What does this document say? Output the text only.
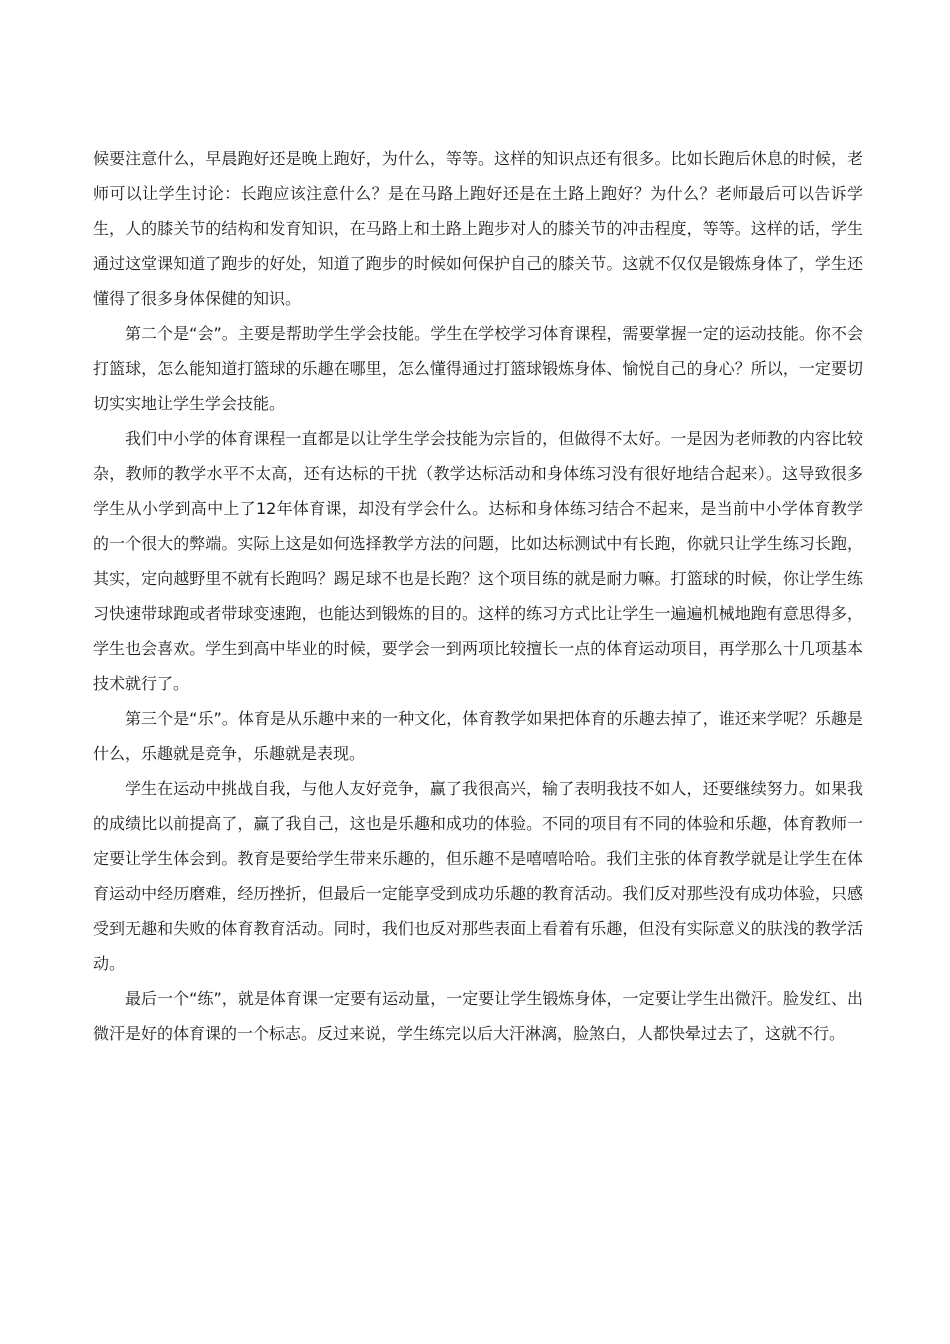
候要注意什么，早晨跑好还是晚上跑好，为什么，等等。这样的知识点还有很多。比如长跑后休息的时候，老师可以让学生讨论：长跑应该注意什么？是在马路上跑好还是在土路上跑好？为什么？老师最后可以告诉学生，人的膝关节的结构和发育知识，在马路上和土路上跑步对人的膝关节的冲击程度，等等。这样的话，学生通过这堂课知道了跑步的好处，知道了跑步的时候如何保护自己的膝关节。这就不仅仅是锻炼身体了，学生还懂得了很多身体保健的知识。

第二个是“会”。主要是帮助学生学会技能。学生在学校学习体育课程，需要掌握一定的运动技能。你不会打篮球，怎么能知道打篮球的乐趣在哪里，怎么懂得通过打篮球锻炼身体、愉悦自己的身心？所以，一定要切切实实地让学生学会技能。

我们中小学的体育课程一直都是以让学生学会技能为宗旨的，但做得不太好。一是因为老师教的内容比较杂，教师的教学水平不太高，还有达标的干扰（教学达标活动和身体练习没有很好地结合起来）。这导致很多学生从小学到高中上了12年体育课，却没有学会什么。达标和身体练习结合不起来，是当前中小学体育教学的一个很大的弊端。实际上这是如何选择教学方法的问题，比如达标测试中有长跑，你就只让学生练习长跑，其实，定向越野里不就有长跑吗？踢足球不也是长跑？这个项目练的就是耐力嘛。打篮球的时候，你让学生练习快速带球跑或者带球变速跑，也能达到锻炼的目的。这样的练习方式比让学生一遍遍机械地跑有意思得多，学生也会喜欢。学生到高中毕业的时候，要学会一到两项比较擅长一点的体育运动项目，再学那么十几项基本技术就行了。

第三个是“乐”。体育是从乐趣中来的一种文化，体育教学如果把体育的乐趣去掉了，谁还来学呢？乐趣是什么，乐趣就是竞争，乐趣就是表现。

学生在运动中挑战自我，与他人友好竞争，赢了我很高兴，输了表明我技不如人，还要继续努力。如果我的成绩比以前提高了，赢了我自己，这也是乐趣和成功的体验。不同的项目有不同的体验和乐趣，体育教师一定要让学生体会到。教育是要给学生带来乐趣的，但乐趣不是嘻嘻哈哈。我们主张的体育教学就是让学生在体育运动中经历磨难，经历挫折，但最后一定能享受到成功乐趣的教育活动。我们反对那些没有成功体验，只感受到无趣和失败的体育教育活动。同时，我们也反对那些表面上看着有乐趣，但没有实际意义的肤浅的教学活动。

最后一个“练”，就是体育课一定要有运动量，一定要让学生锻炼身体，一定要让学生出微汗。脸发红、出微汗是好的体育课的一个标志。反过来说，学生练完以后大汗淋漓，脸煞白，人都快晕过去了，这就不行。
